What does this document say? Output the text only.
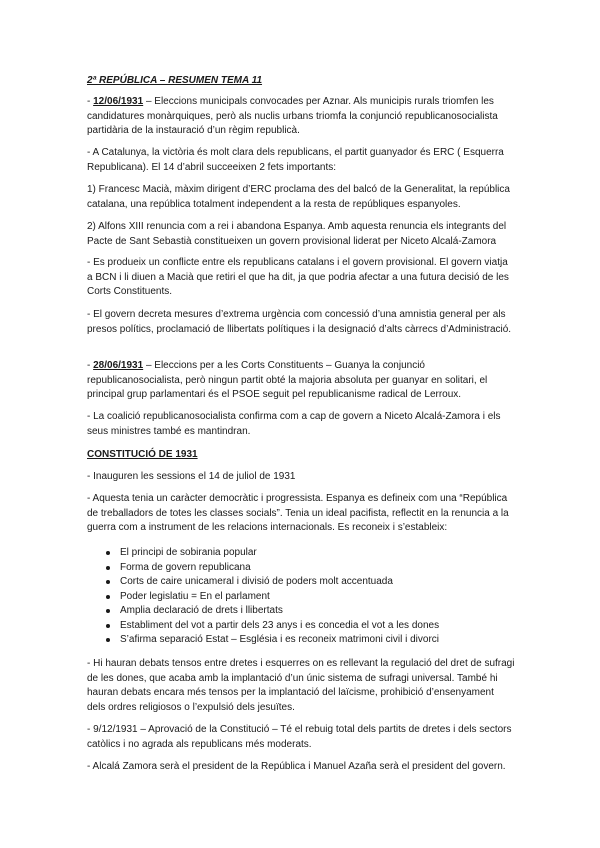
2ª REPÚBLICA – RESUMEN TEMA 11

- 12/06/1931 – Eleccions municipals convocades per Aznar. Als municipis rurals triomfen les candidatures monàrquiques, però als nuclis urbans triomfa la conjunció republicanosocialista partidària de la instauració d’un règim republicà.

- A Catalunya, la victòria és molt clara dels republicans, el partit guanyador és ERC ( Esquerra Republicana). El 14 d’abril succeeixen 2 fets importants:

1) Francesc Macià, màxim dirigent d’ERC proclama des del balcó de la Generalitat, la república catalana, una república totalment independent a la resta de repúbliques espanyoles.

2) Alfons XIII renuncia com a rei i abandona Espanya. Amb aquesta renuncia els integrants del Pacte de Sant Sebastià constitueixen un govern provisional liderat per Niceto Alcalá-Zamora

- Es produeix un conflicte entre els republicans catalans i el govern provisional. El govern viatja a BCN i li diuen a Macià que retiri el que ha dit, ja que podria afectar a una futura decisió de les Corts Constituents.

- El govern decreta mesures d’extrema urgència com concessió d’una amnistia general per als presos polítics, proclamació de llibertats polítiques i la designació d’alts càrrecs d’Administració.

- 28/06/1931 – Eleccions per a les Corts Constituents – Guanya la conjunció republicanosocialista, però ningun partit obté la majoria absoluta per guanyar en solitari, el principal grup parlamentari és el PSOE seguit pel republicanisme radical de Lerroux.

- La coalició republicanosocialista confirma com a cap de govern a Niceto Alcalá-Zamora i els seus ministres també es mantindran.

CONSTITUCIÓ DE 1931

- Inauguren les sessions el 14 de juliol de 1931

- Aquesta tenia un caràcter democràtic i progressista. Espanya es defineix com una “República de treballadors de totes les classes socials”. Tenia un ideal pacifista, reflectit en la renuncia a la guerra com a instrument de les relacions internacionals. Es reconeix i s’estableix:

El principi de sobirania popular
Forma de govern republicana
Corts de caire unicameral i divisió de poders molt accentuada
Poder legislatiu = En el parlament
Amplia declaració de drets i llibertats
Establiment del vot a partir dels 23 anys i es concedia el vot a les dones
S’afirma separació Estat – Església i es reconeix matrimoni civil i divorci

- Hi hauran debats tensos entre dretes i esquerres on es rellevant la regulació del dret de sufragi de les dones, que acaba amb la implantació d’un únic sistema de sufragi universal. També hi hauran debats encara més tensos per la implantació del laïcisme, prohibició d’ensenyament dels ordres religiosos o l’expulsió dels jesuïtes.

- 9/12/1931 – Aprovació de la Constitució – Té el rebuig total dels partits de dretes i dels sectors catòlics i no agrada als republicans més moderats.

- Alcalá Zamora serà el president de la República i Manuel Azaña serà el president del govern.
